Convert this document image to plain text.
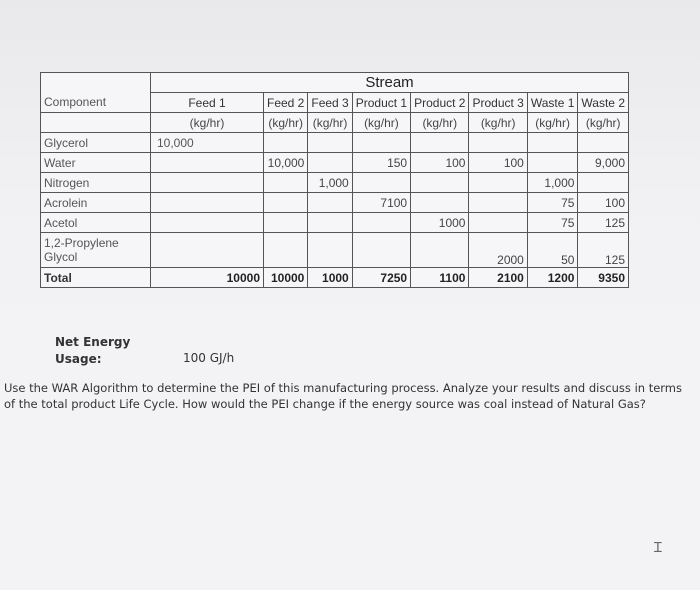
	Stream							
Component	Feed 1	Feed 2	Feed 3	Product 1	Product 2	Product 3	Waste 1	Waste 2
	(kg/hr)	(kg/hr)	(kg/hr)	(kg/hr)	(kg/hr)	(kg/hr)	(kg/hr)	(kg/hr)
Glycerol	10,000							
Water		10,000		150	100	100		9,000
Nitrogen			1,000				1,000	
Acrolein				7100			75	100
Acetol					1000		75	125
1,2-Propylene Glycol						2000	50	125
Total	10000	10000	1000	7250	1100	2100	1200	9350
Net Energy
Usage:	100 GJ/h
Use the WAR Algorithm to determine the PEI of this manufacturing process. Analyze your results and discuss in terms of the total product Life Cycle. How would the PEI change if the energy source was coal instead of Natural Gas?
Ɪ
